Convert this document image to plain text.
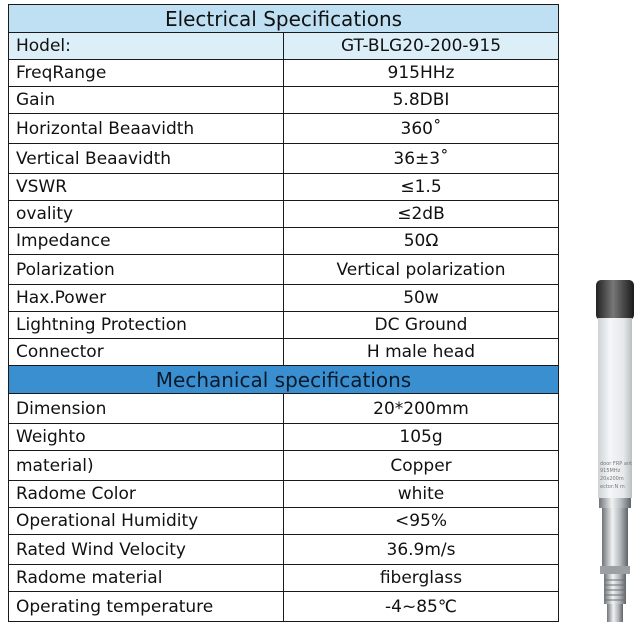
Electrical Specifications	
Hodel:	GT-BLG20-200-915
FreqRange	915HHz
Gain	5.8DBI
Horizontal Beaavidth	360˚
Vertical Beaavidth	36±3˚
VSWR	≤1.5
ovality	≤2dB
Impedance	50Ω
Polarization	Vertical polarization
Hax.Power	50w
Lightning Protection	DC Ground
Connector	H male head
Mechanical specifications	
Dimension	20*200mm
Weighto	105g
material)	Copper
Radome Color	white
Operational Humidity	<95%
Rated Wind Velocity	36.9m/s
Radome material	fiberglass
Operating temperature	-4~85℃
door FRP ant
915MHz
20x200m
ector:N m
